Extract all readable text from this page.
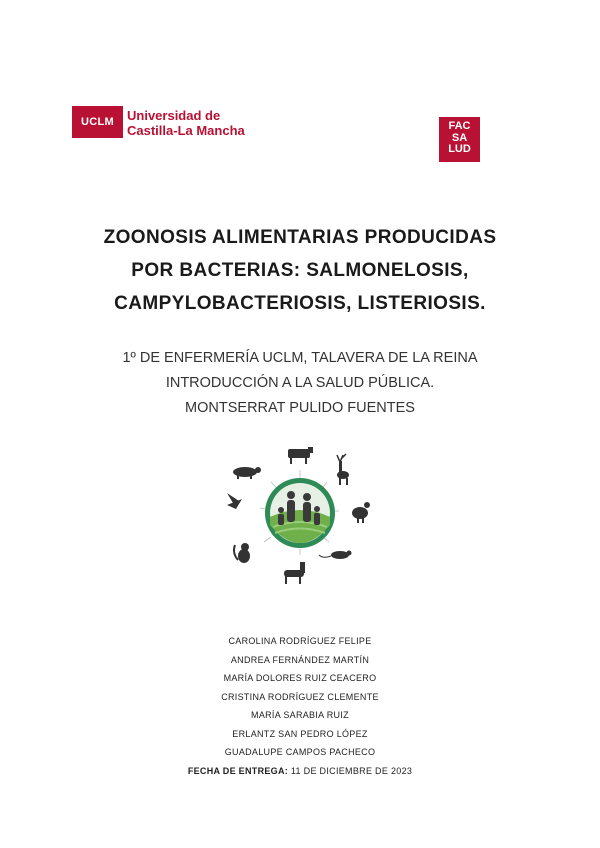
UCLM	Universidad de
Castilla-La Mancha	FAC
SA
LUD
ZOONOSIS ALIMENTARIAS PRODUCIDAS
POR BACTERIAS: SALMONELOSIS,
CAMPYLOBACTERIOSIS, LISTERIOSIS.
1º DE ENFERMERÍA UCLM, TALAVERA DE LA REINA
INTRODUCCIÓN A LA SALUD PÚBLICA.
MONTSERRAT PULIDO FUENTES
CAROLINA RODRÍGUEZ FELIPE
ANDREA FERNÁNDEZ MARTÍN
MARÍA DOLORES RUIZ CEACERO
CRISTINA RODRÍGUEZ CLEMENTE
MARÍA SARABIA RUIZ
ERLANTZ SAN PEDRO LÓPEZ
GUADALUPE CAMPOS PACHECO
FECHA DE ENTREGA: 11 DE DICIEMBRE DE 2023
